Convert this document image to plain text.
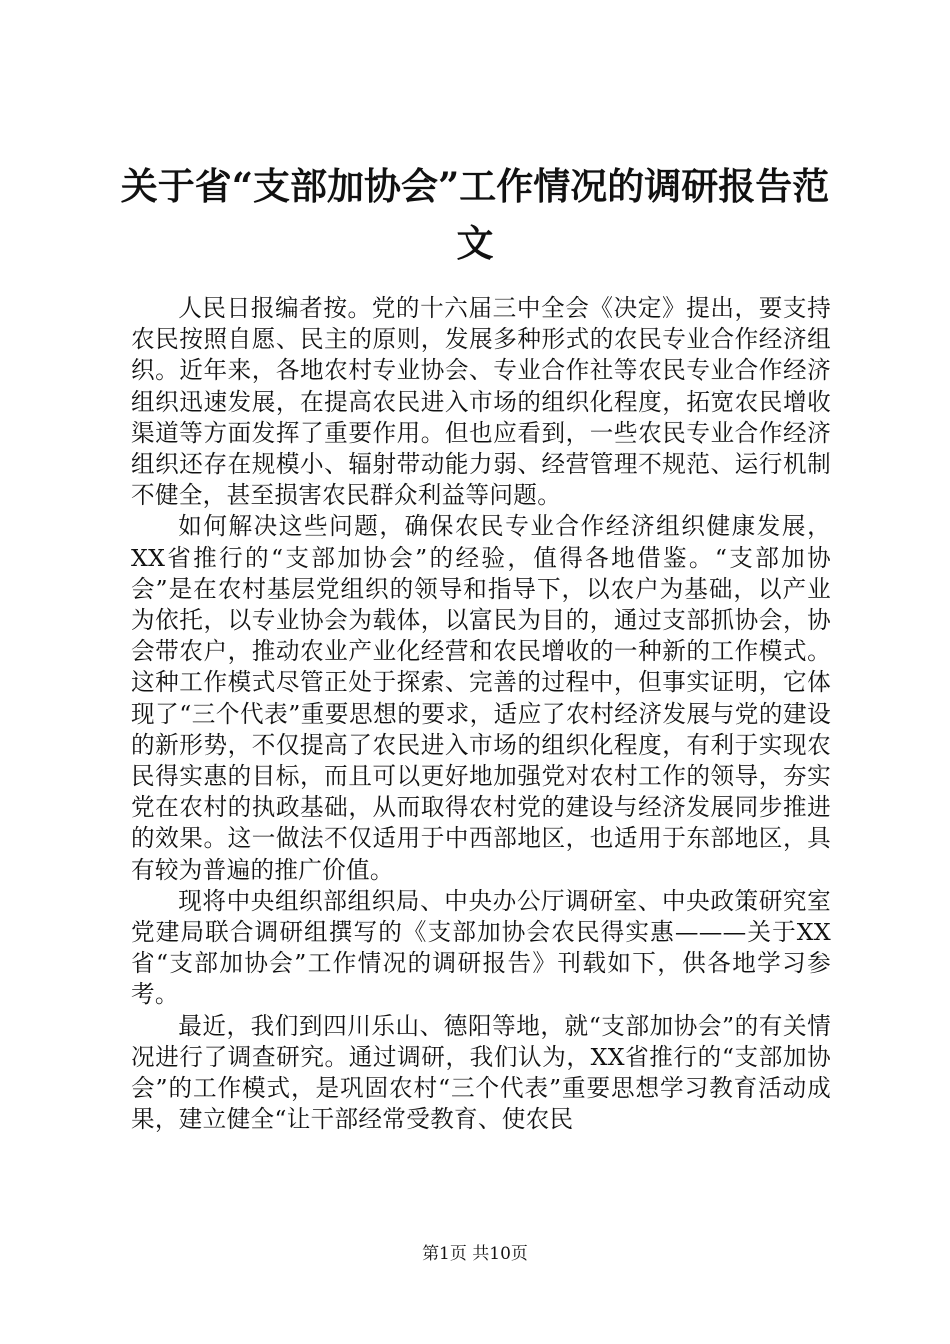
关于省“支部加协会”工作情况的调研报告范文

人民日报编者按。党的十六届三中全会《决定》提出，要支持农民按照自愿、民主的原则，发展多种形式的农民专业合作经济组织。近年来，各地农村专业协会、专业合作社等农民专业合作经济组织迅速发展，在提高农民进入市场的组织化程度，拓宽农民增收渠道等方面发挥了重要作用。但也应看到，一些农民专业合作经济组织还存在规模小、辐射带动能力弱、经营管理不规范、运行机制不健全，甚至损害农民群众利益等问题。

如何解决这些问题，确保农民专业合作经济组织健康发展，XX省推行的“支部加协会”的经验，值得各地借鉴。“支部加协会”是在农村基层党组织的领导和指导下，以农户为基础，以产业为依托，以专业协会为载体，以富民为目的，通过支部抓协会，协会带农户，推动农业产业化经营和农民增收的一种新的工作模式。这种工作模式尽管正处于探索、完善的过程中，但事实证明，它体现了“三个代表”重要思想的要求，适应了农村经济发展与党的建设的新形势，不仅提高了农民进入市场的组织化程度，有利于实现农民得实惠的目标，而且可以更好地加强党对农村工作的领导，夯实党在农村的执政基础，从而取得农村党的建设与经济发展同步推进的效果。这一做法不仅适用于中西部地区，也适用于东部地区，具有较为普遍的推广价值。

现将中央组织部组织局、中央办公厅调研室、中央政策研究室党建局联合调研组撰写的《支部加协会农民得实惠———关于XX省“支部加协会”工作情况的调研报告》刊载如下，供各地学习参考。

最近，我们到四川乐山、德阳等地，就“支部加协会”的有关情况进行了调查研究。通过调研，我们认为，XX省推行的“支部加协会”的工作模式，是巩固农村“三个代表”重要思想学习教育活动成果，建立健全“让干部经常受教育、使农民

第1页 共10页
